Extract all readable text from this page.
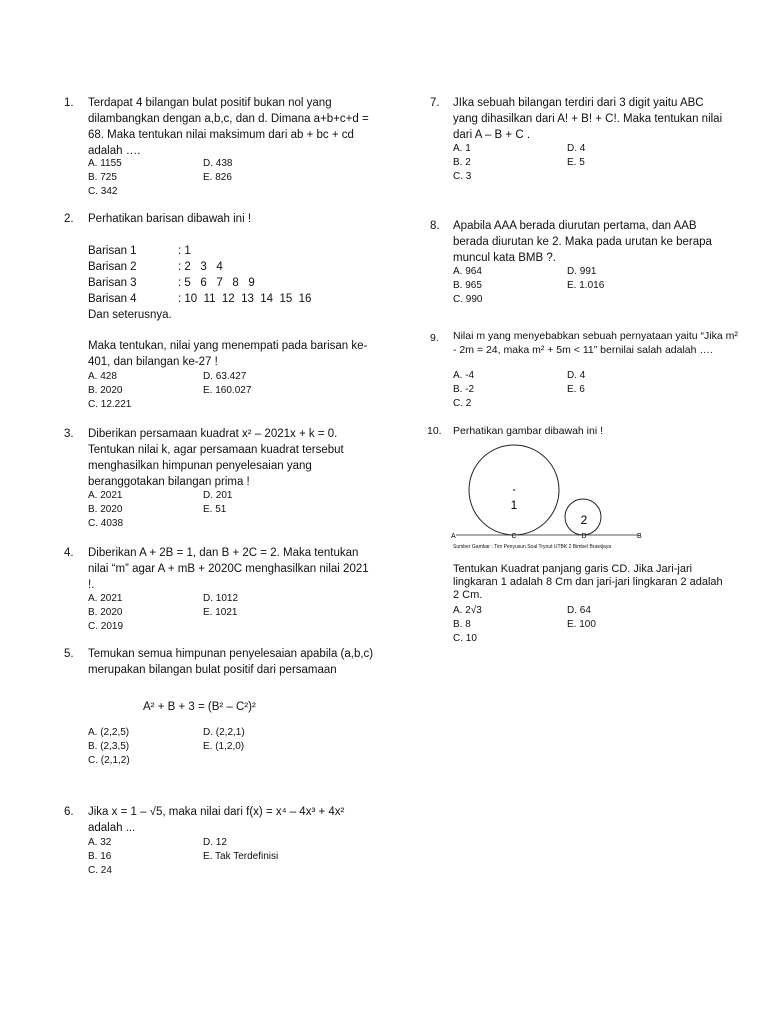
1. Terdapat 4 bilangan bulat positif bukan nol yang dilambangkan dengan a,b,c, dan d. Dimana a+b+c+d = 68. Maka tentukan nilai maksimum dari ab + bc + cd adalah ….
A. 1155	D. 438
B. 725	E. 826
C. 342
2. Perhatikan barisan dibawah ini !
Barisan 1	: 1
Barisan 2	: 2   3   4
Barisan 3	: 5   6   7   8   9
Barisan 4	: 10  11  12  13  14  15  16
Dan seterusnya.
Maka tentukan, nilai yang menempati pada barisan ke-401, dan bilangan ke-27 !
A. 428	D. 63.427
B. 2020	E. 160.027
C. 12.221
3. Diberikan persamaan kuadrat x² – 2021x + k = 0. Tentukan nilai k, agar persamaan kuadrat tersebut menghasilkan himpunan penyelesaian yang beranggotakan bilangan prima !
A. 2021	D. 201
B. 2020	E. 51
C. 4038
4. Diberikan A + 2B = 1, dan B + 2C = 2. Maka tentukan nilai “m” agar A + mB + 2020C menghasilkan nilai 2021 !.
A. 2021	D. 1012
B. 2020	E. 1021
C. 2019
5. Temukan semua himpunan penyelesaian apabila (a,b,c) merupakan bilangan bulat positif dari persamaan
A² + B + 3 = (B² – C²)²
A. (2,2,5)	D. (2,2,1)
B. (2,3,5)	E. (1,2,0)
C. (2,1,2)
6. Jika x = 1 – √5, maka nilai dari f(x) = x⁴ – 4x³ + 4x² adalah ...
A. 32	D. 12
B. 16	E. Tak Terdefinisi
C. 24
7. JIka sebuah bilangan terdiri dari 3 digit yaitu ABC yang dihasilkan dari A! + B! + C!. Maka tentukan nilai dari A – B + C .
A. 1	D. 4
B. 2	E. 5
C. 3
8. Apabila AAA berada diurutan pertama, dan AAB berada diurutan ke 2. Maka pada urutan ke berapa muncul kata BMB ?.
A. 964	D. 991
B. 965	E. 1.016
C. 990
9. Nilai m yang menyebabkan sebuah pernyataan yaitu “Jika m² - 2m = 24, maka m² + 5m < 11” bernilai salah adalah ….
A. -4	D. 4
B. -2	E. 6
C. 2
10. Perhatikan gambar dibawah ini !
1
2
A	B
C	D
Sumber Gambar : Tim Penyusun Soal Tryout UTBK 2 Bimbel Brawijaya
Tentukan Kuadrat panjang garis CD. Jika Jari-jari lingkaran 1 adalah 8 Cm dan jari-jari lingkaran 2 adalah 2 Cm.
A. 2√3	D. 64
B. 8	E. 100
C. 10
